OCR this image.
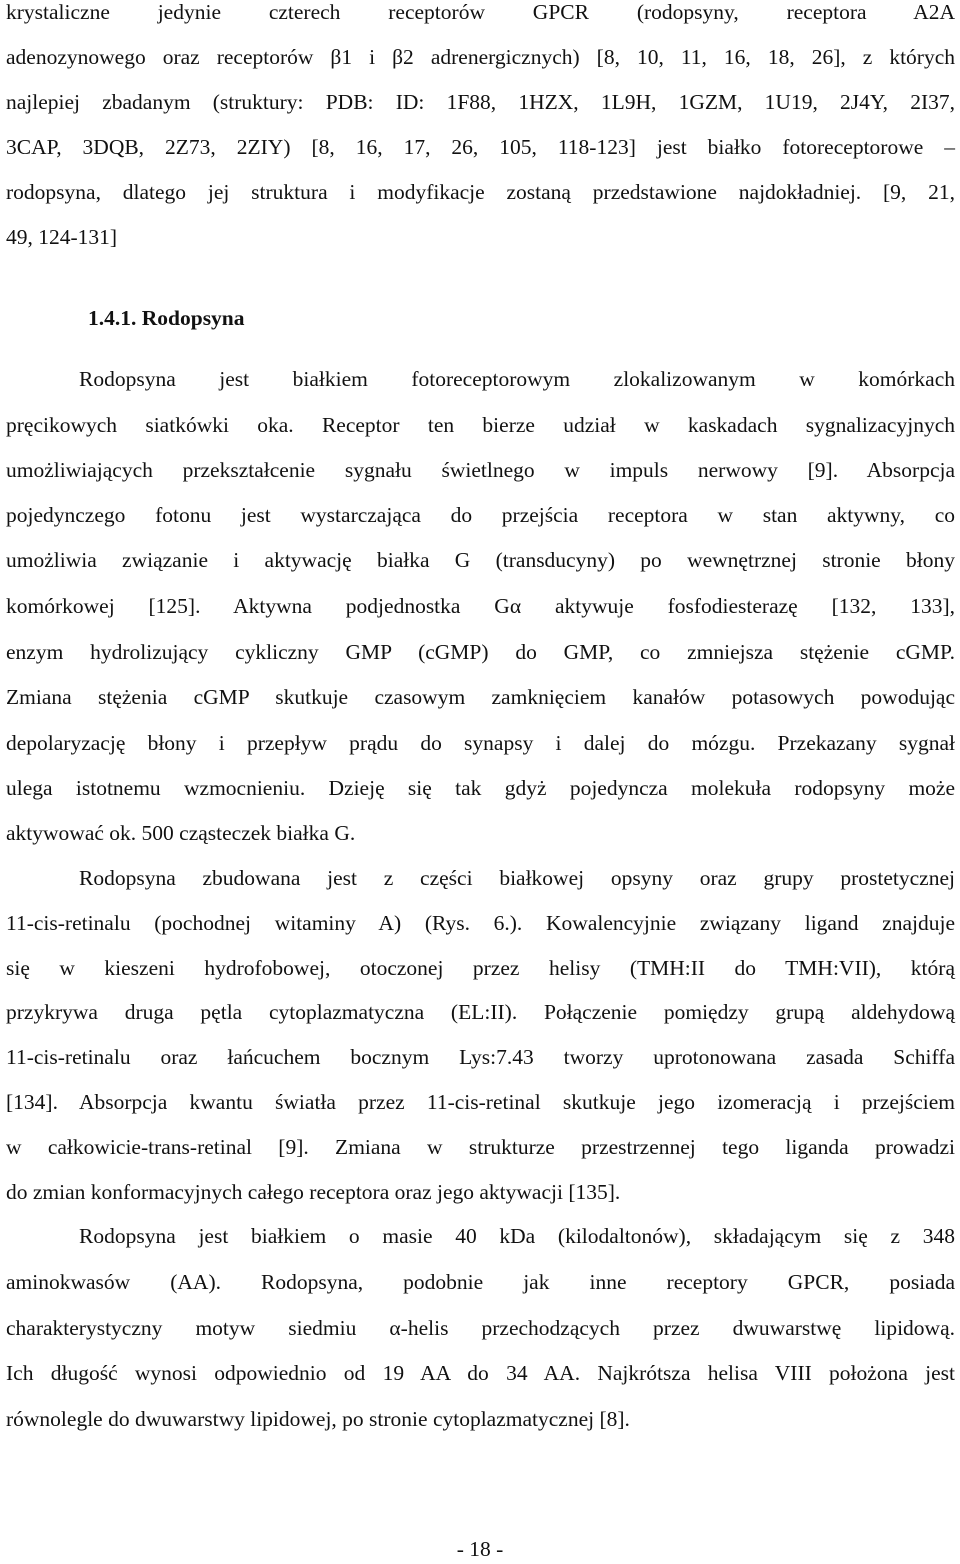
krystaliczne jedynie czterech receptorów GPCR (rodopsyny, receptora A2A
adenozynowego oraz receptorów β1 i β2 adrenergicznych) [8, 10, 11, 16, 18, 26], z których
najlepiej zbadanym (struktury: PDB: ID: 1F88, 1HZX, 1L9H, 1GZM, 1U19, 2J4Y, 2I37,
3CAP, 3DQB, 2Z73, 2ZIY) [8, 16, 17, 26, 105, 118-123] jest białko fotoreceptorowe –
rodopsyna, dlatego jej struktura i modyfikacje zostaną przedstawione najdokładniej. [9, 21,
49, 124-131]
1.4.1. Rodopsyna
Rodopsyna jest białkiem fotoreceptorowym zlokalizowanym w komórkach
pręcikowych siatkówki oka. Receptor ten bierze udział w kaskadach sygnalizacyjnych
umożliwiających przekształcenie sygnału świetlnego w impuls nerwowy [9]. Absorpcja
pojedynczego fotonu jest wystarczająca do przejścia receptora w stan aktywny, co
umożliwia związanie i aktywację białka G (transducyny) po wewnętrznej stronie błony
komórkowej [125]. Aktywna podjednostka Gα aktywuje fosfodiesterazę [132, 133],
enzym hydrolizujący cykliczny GMP (cGMP) do GMP, co zmniejsza stężenie cGMP.
Zmiana stężenia cGMP skutkuje czasowym zamknięciem kanałów potasowych powodując
depolaryzację błony i przepływ prądu do synapsy i dalej do mózgu. Przekazany sygnał
ulega istotnemu wzmocnieniu. Dzieję się tak gdyż pojedyncza molekuła rodopsyny może
aktywować ok. 500 cząsteczek białka G.
Rodopsyna zbudowana jest z części białkowej opsyny oraz grupy prostetycznej
11-cis-retinalu (pochodnej witaminy A) (Rys. 6.). Kowalencyjnie związany ligand znajduje
się w kieszeni hydrofobowej, otoczonej przez helisy (TMH:II do TMH:VII), którą
przykrywa druga pętla cytoplazmatyczna (EL:II). Połączenie pomiędzy grupą aldehydową
11-cis-retinalu oraz łańcuchem bocznym Lys:7.43 tworzy uprotonowana zasada Schiffa
[134]. Absorpcja kwantu światła przez 11-cis-retinal skutkuje jego izomeracją i przejściem
w całkowicie-trans-retinal [9]. Zmiana w strukturze przestrzennej tego liganda prowadzi
do zmian konformacyjnych całego receptora oraz jego aktywacji [135].
Rodopsyna jest białkiem o masie 40 kDa (kilodaltonów), składającym się z 348
aminokwasów (AA). Rodopsyna, podobnie jak inne receptory GPCR, posiada
charakterystyczny motyw siedmiu α-helis przechodzących przez dwuwarstwę lipidową.
Ich długość wynosi odpowiednio od 19 AA do 34 AA. Najkrótsza helisa VIII położona jest
równolegle do dwuwarstwy lipidowej, po stronie cytoplazmatycznej [8].
- 18 -
